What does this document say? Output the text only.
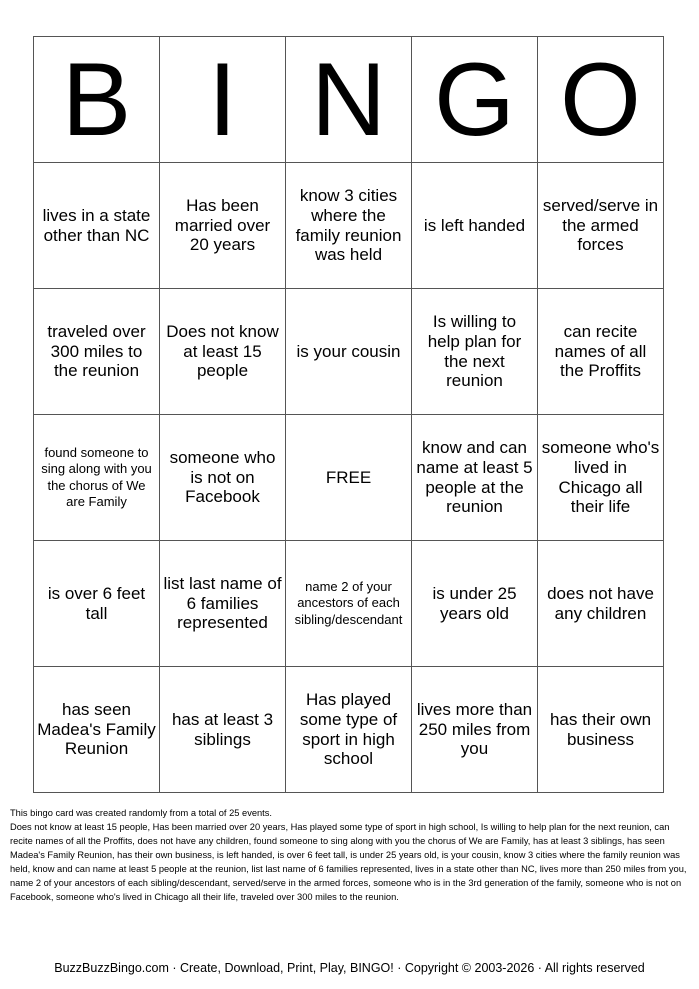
B	I	N	G	O
lives in a state other than NC	Has been married over 20 years	know 3 cities where the family reunion was held	is left handed	served/serve in the armed forces
traveled over 300 miles to the reunion	Does not know at least 15 people	is your cousin	Is willing to help plan for the next reunion	can recite names of all the Proffits
found someone to sing along with you the chorus of We are Family	someone who is not on Facebook	FREE	know and can name at least 5 people at the reunion	someone who's lived in Chicago all their life
is over 6 feet tall	list last name of 6 families represented	name 2 of your ancestors of each sibling/descendant	is under 25 years old	does not have any children
has seen Madea's Family Reunion	has at least 3 siblings	Has played some type of sport in high school	lives more than 250 miles from you	has their own business

This bingo card was created randomly from a total of 25 events.

Does not know at least 15 people, Has been married over 20 years, Has played some type of sport in high school, Is willing to help plan for the next reunion, can recite names of all the Proffits, does not have any children, found someone to sing along with you the chorus of We are Family, has at least 3 siblings, has seen Madea's Family Reunion, has their own business, is left handed, is over 6 feet tall, is under 25 years old, is your cousin, know 3 cities where the family reunion was held, know and can name at least 5 people at the reunion, list last name of 6 families represented, lives in a state other than NC, lives more than 250 miles from you, name 2 of your ancestors of each sibling/descendant, served/serve in the armed forces, someone who is in the 3rd generation of the family, someone who is not on Facebook, someone who's lived in Chicago all their life, traveled over 300 miles to the reunion.

BuzzBuzzBingo.com · Create, Download, Print, Play, BINGO! · Copyright © 2003-2026 · All rights reserved
